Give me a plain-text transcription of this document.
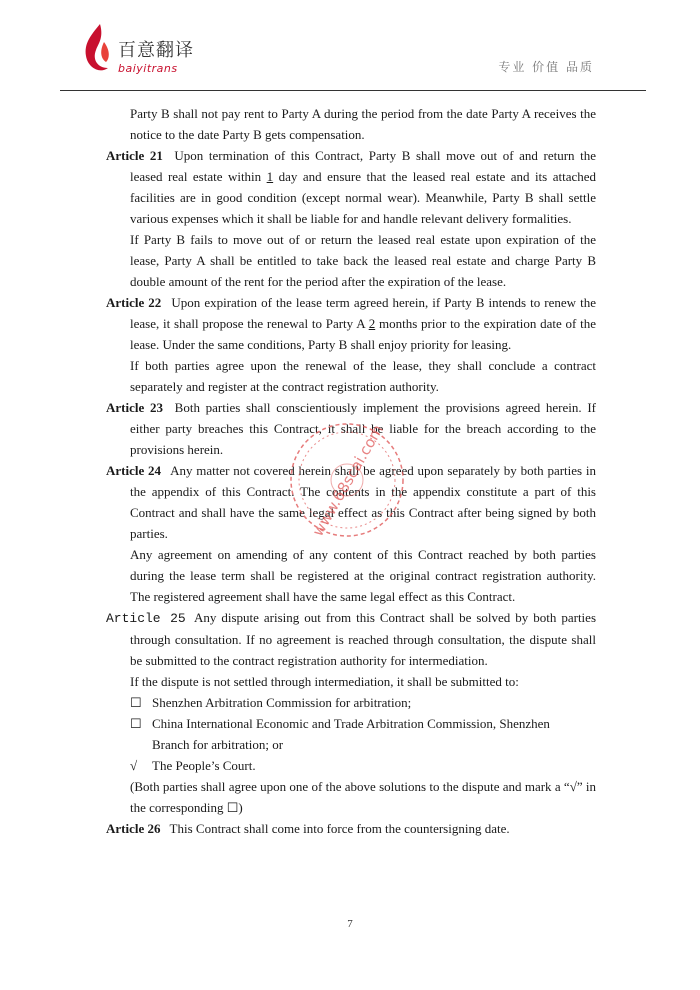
百意翻译
baiyitrans	专业 价值 品质

Party B shall not pay rent to Party A during the period from the date Party A receives the notice to the date Party B gets compensation.

Article 21 Upon termination of this Contract, Party B shall move out of and return the leased real estate within 1 day and ensure that the leased real estate and its attached facilities are in good condition (except normal wear). Meanwhile, Party B shall settle various expenses which it shall be liable for and handle relevant delivery formalities.

If Party B fails to move out of or return the leased real estate upon expiration of the lease, Party A shall be entitled to take back the leased real estate and charge Party B double amount of the rent for the period after the expiration of the lease.

Article 22 Upon expiration of the lease term agreed herein, if Party B intends to renew the lease, it shall propose the renewal to Party A 2 months prior to the expiration date of the lease. Under the same conditions, Party B shall enjoy priority for leasing.

If both parties agree upon the renewal of the lease, they shall conclude a contract separately and register at the contract registration authority.

Article 23 Both parties shall conscientiously implement the provisions agreed herein. If either party breaches this Contract, it shall be liable for the breach according to the provisions herein.

Article 24 Any matter not covered herein shall be agreed upon separately by both parties in the appendix of this Contract. The contents in the appendix constitute a part of this Contract and shall have the same legal effect as this Contract after being signed by both parties.

Any agreement on amending of any content of this Contract reached by both parties during the lease term shall be registered at the original contract registration authority. The registered agreement shall have the same legal effect as this Contract.

Article 25 Any dispute arising out from this Contract shall be solved by both parties through consultation. If no agreement is reached through consultation, the dispute shall be submitted to the contract registration authority for intermediation.

If the dispute is not settled through intermediation, it shall be submitted to:

☐ Shenzhen Arbitration Commission for arbitration;
☐ China International Economic and Trade Arbitration Commission, Shenzhen
Branch for arbitration; or
√ The People’s Court.

(Both parties shall agree upon one of the above solutions to the dispute and mark a “√” in the corresponding ☐)

Article 26 This Contract shall come into force from the countersigning date.

www.68scai.com
7
